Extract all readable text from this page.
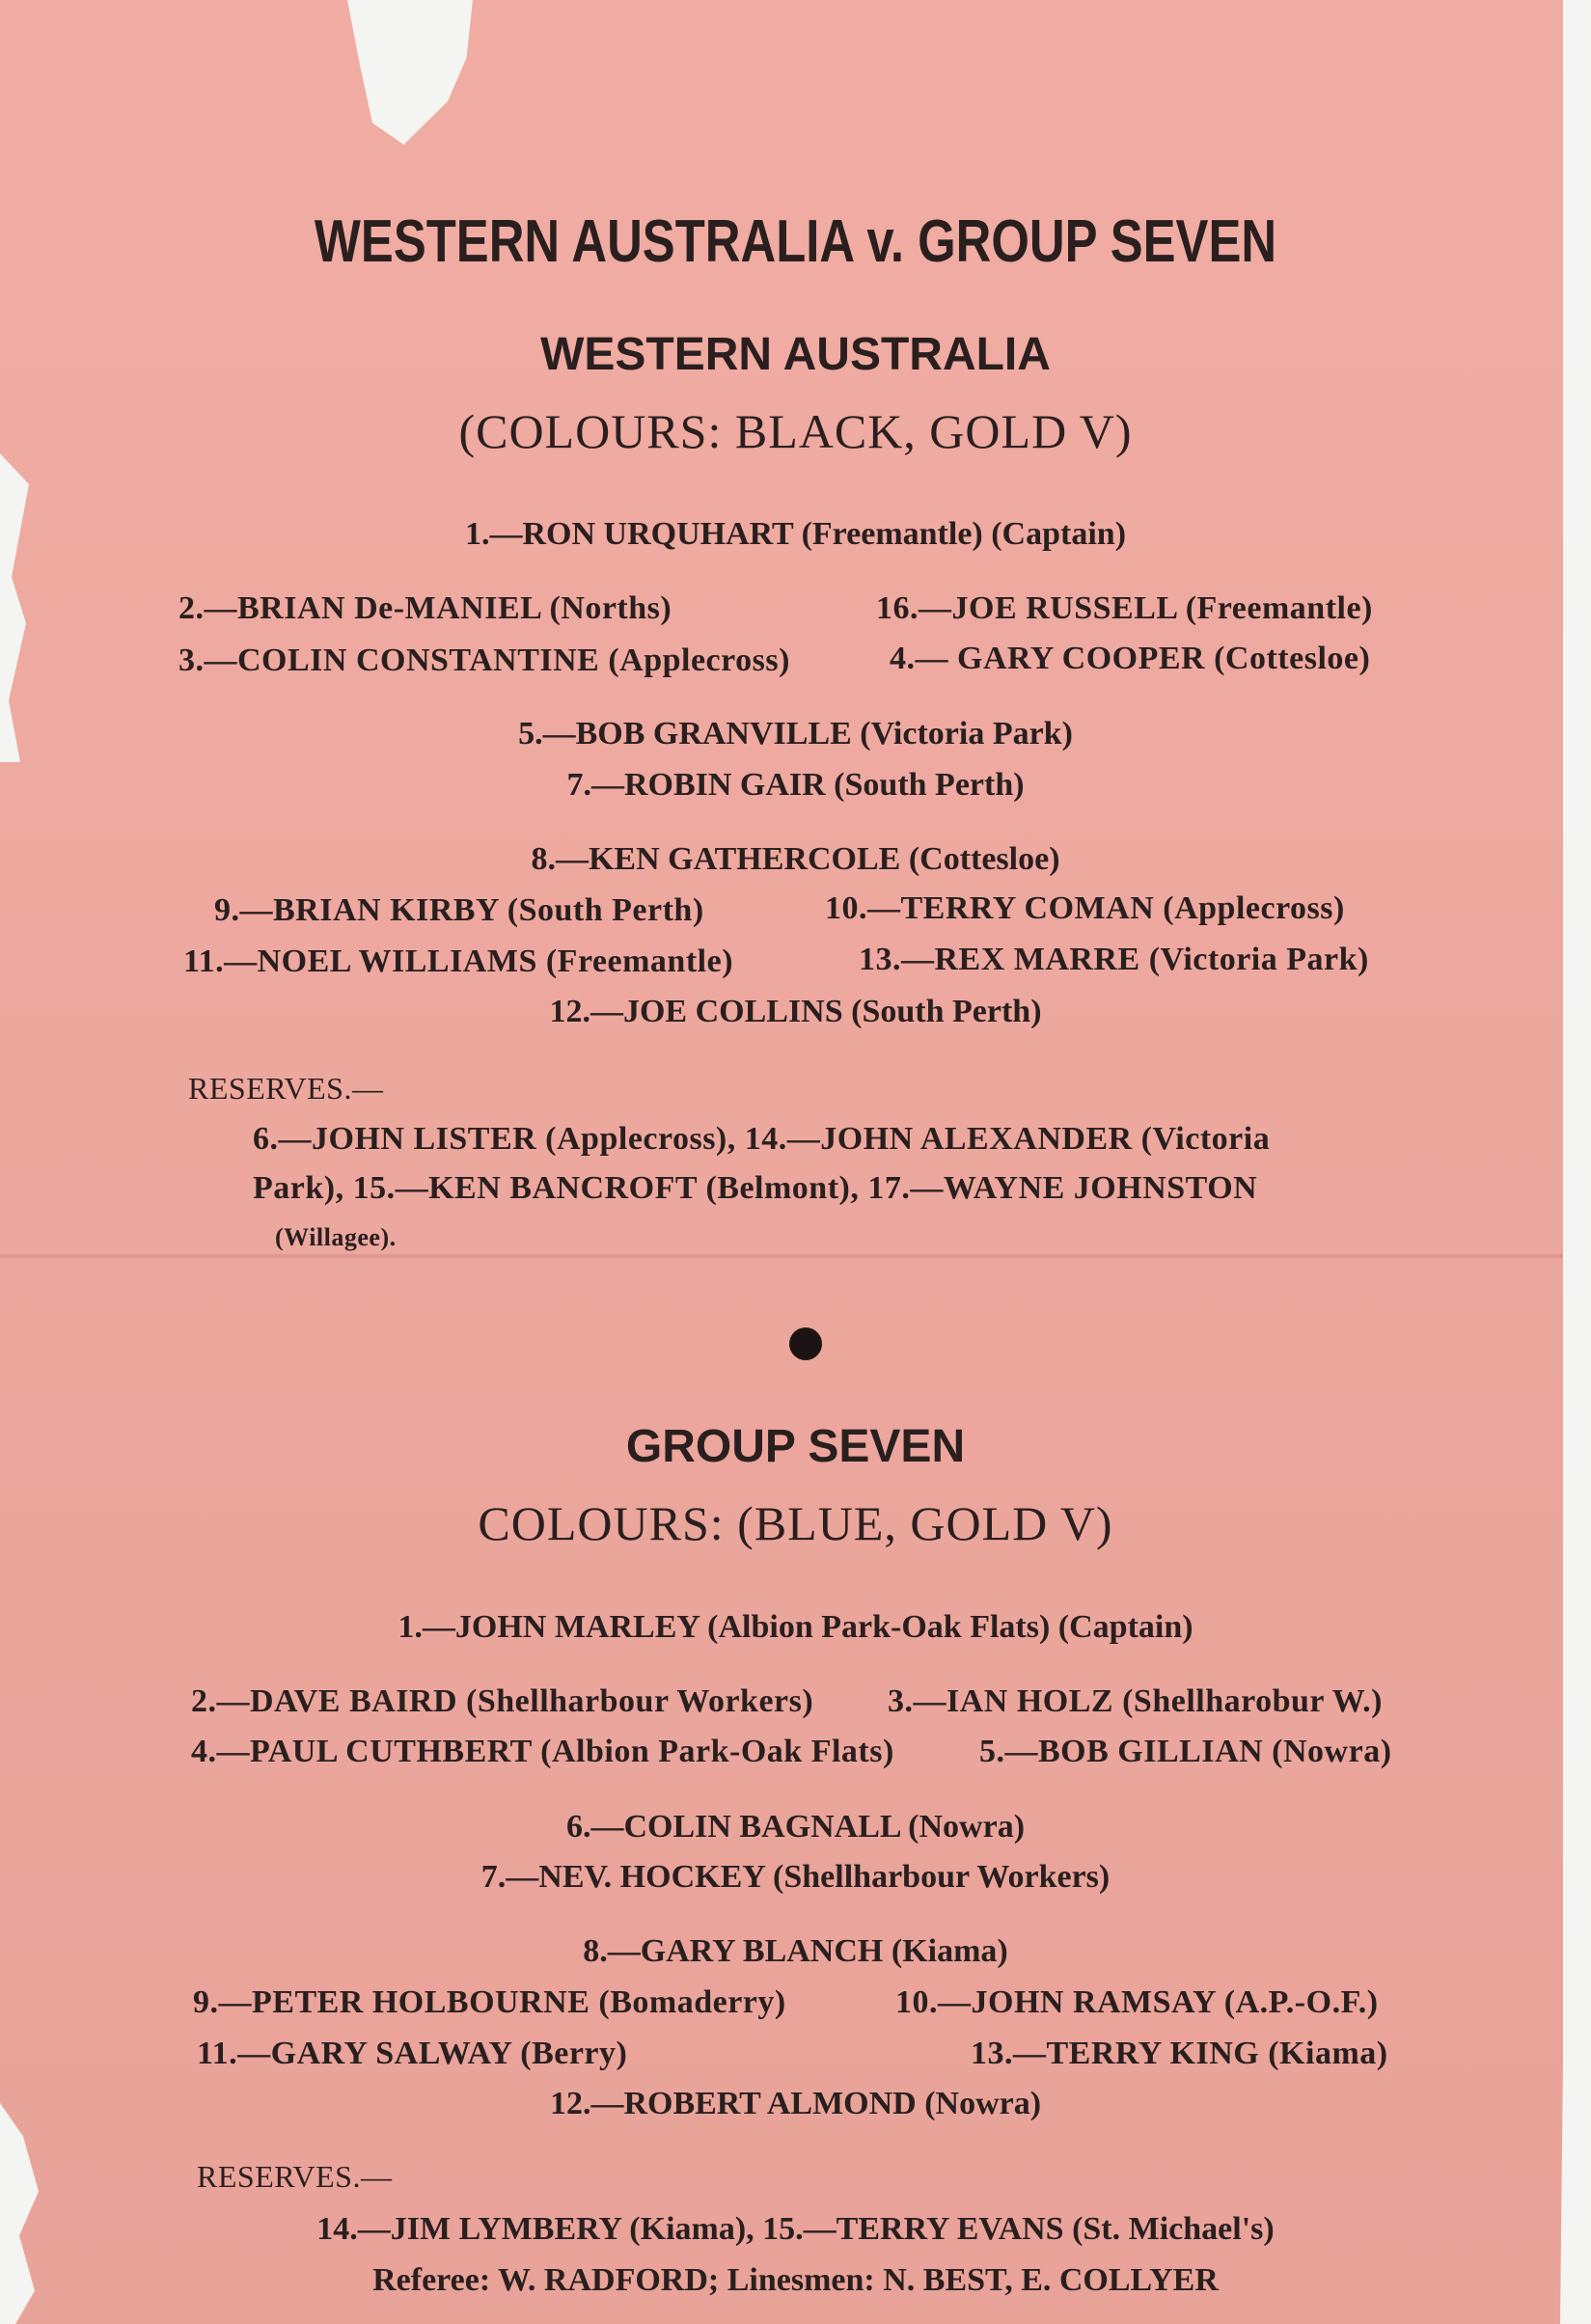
WESTERN AUSTRALIA v. GROUP SEVEN
WESTERN AUSTRALIA
(COLOURS: BLACK, GOLD V)
1.—RON URQUHART (Freemantle) (Captain)
2.—BRIAN De-MANIEL (Norths)	16.—JOE RUSSELL (Freemantle)
3.—COLIN CONSTANTINE (Applecross)	4.— GARY COOPER (Cottesloe)
5.—BOB GRANVILLE (Victoria Park)
7.—ROBIN GAIR (South Perth)
8.—KEN GATHERCOLE (Cottesloe)
9.—BRIAN KIRBY (South Perth)	10.—TERRY COMAN (Applecross)
11.—NOEL WILLIAMS (Freemantle)	13.—REX MARRE (Victoria Park)
12.—JOE COLLINS (South Perth)
RESERVES.—
6.—JOHN LISTER (Applecross), 14.—JOHN ALEXANDER (Victoria
Park), 15.—KEN BANCROFT (Belmont), 17.—WAYNE JOHNSTON
(Willagee).
GROUP SEVEN
COLOURS: (BLUE, GOLD V)
1.—JOHN MARLEY (Albion Park-Oak Flats) (Captain)
2.—DAVE BAIRD (Shellharbour Workers) 3.—IAN HOLZ (Shellharobur W.)
4.—PAUL CUTHBERT (Albion Park-Oak Flats)	5.—BOB GILLIAN (Nowra)
6.—COLIN BAGNALL (Nowra)
7.—NEV. HOCKEY (Shellharbour Workers)
8.—GARY BLANCH (Kiama)
9.—PETER HOLBOURNE (Bomaderry)	10.—JOHN RAMSAY (A.P.-O.F.)
11.—GARY SALWAY (Berry)	13.—TERRY KING (Kiama)
12.—ROBERT ALMOND (Nowra)
RESERVES.—
14.—JIM LYMBERY (Kiama), 15.—TERRY EVANS (St. Michael's)
Referee: W. RADFORD; Linesmen: N. BEST, E. COLLYER
